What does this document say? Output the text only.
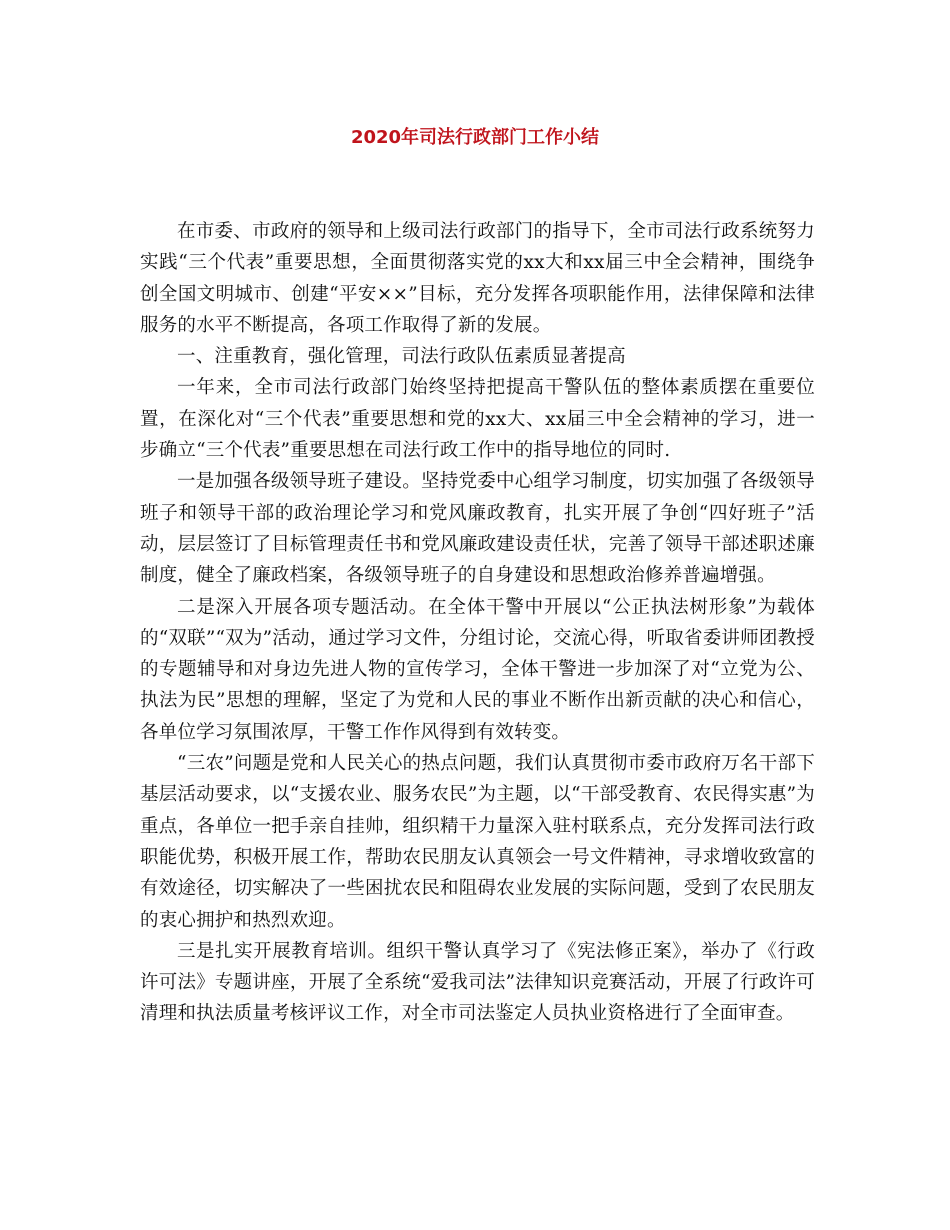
2020年司法行政部门工作小结

在市委、市政府的领导和上级司法行政部门的指导下，全市司法行政系统努力实践“三个代表”重要思想，全面贯彻落实党的xx大和xx届三中全会精神，围绕争创全国文明城市、创建“平安××”目标，充分发挥各项职能作用，法律保障和法律服务的水平不断提高，各项工作取得了新的发展。

一、注重教育，强化管理，司法行政队伍素质显著提高

一年来，全市司法行政部门始终坚持把提高干警队伍的整体素质摆在重要位置，在深化对“三个代表”重要思想和党的xx大、xx届三中全会精神的学习，进一步确立“三个代表”重要思想在司法行政工作中的指导地位的同时.

一是加强各级领导班子建设。坚持党委中心组学习制度，切实加强了各级领导班子和领导干部的政治理论学习和党风廉政教育，扎实开展了争创“四好班子”活动，层层签订了目标管理责任书和党风廉政建设责任状，完善了领导干部述职述廉制度，健全了廉政档案，各级领导班子的自身建设和思想政治修养普遍增强。

二是深入开展各项专题活动。在全体干警中开展以“公正执法树形象”为载体的“双联”“双为”活动，通过学习文件，分组讨论，交流心得，听取省委讲师团教授的专题辅导和对身边先进人物的宣传学习，全体干警进一步加深了对“立党为公、执法为民”思想的理解，坚定了为党和人民的事业不断作出新贡献的决心和信心，各单位学习氛围浓厚，干警工作作风得到有效转变。

“三农”问题是党和人民关心的热点问题，我们认真贯彻市委市政府万名干部下基层活动要求，以“支援农业、服务农民”为主题，以“干部受教育、农民得实惠”为重点，各单位一把手亲自挂帅，组织精干力量深入驻村联系点，充分发挥司法行政职能优势，积极开展工作，帮助农民朋友认真领会一号文件精神，寻求增收致富的有效途径，切实解决了一些困扰农民和阻碍农业发展的实际问题，受到了农民朋友的衷心拥护和热烈欢迎。

三是扎实开展教育培训。组织干警认真学习了《宪法修正案》，举办了《行政许可法》专题讲座，开展了全系统“爱我司法”法律知识竞赛活动，开展了行政许可清理和执法质量考核评议工作，对全市司法鉴定人员执业资格进行了全面审查。
